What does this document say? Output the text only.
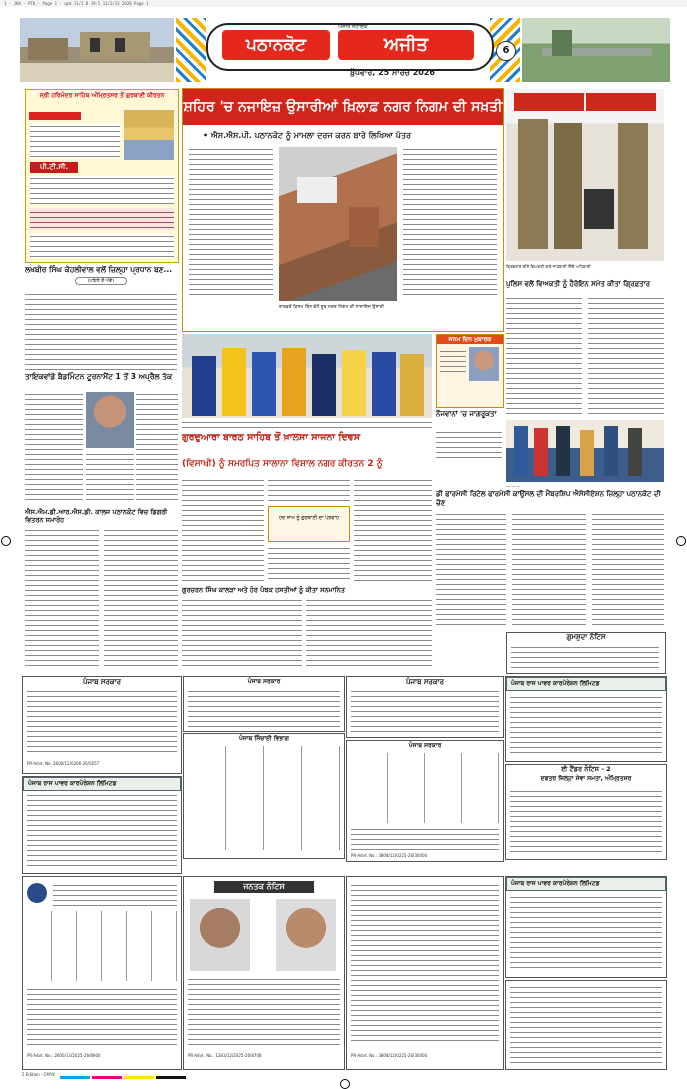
1 - JHA - PTK - Page 1 - qxd 11/2 D 19:5 11/2/13 2026 Page 1
ਪਠਾਨਕੋਟ
ਅਜੀਤ ਸਹਾਇਕ
ਅਜੀਤ
ਬੁੱਧਵਾਰ, 25 ਮਾਰਚ 2026
6
ਸ੍ਰੀ ਹਰਿਮੰਦਰ ਸਾਹਿਬ ਅੰਮ੍ਰਿਤਸਰ ਤੋਂ ਗੁਰਬਾਣੀ ਕੀਰਤਨ
ਪੀ.ਟੀ.ਸੀ.
ਸ਼ਹਿਰ 'ਚ ਨਜਾਇਜ਼ ਉਸਾਰੀਆਂ ਖ਼ਿਲਾਫ਼ ਨਗਰ ਨਿਗਮ ਦੀ ਸਖ਼ਤੀ
• ਐਸ.ਐਸ.ਪੀ. ਪਠਾਨਕੋਟ ਨੂੰ ਮਾਮਲਾ ਦਰਜ ਕਰਨ ਬਾਰੇ ਲਿਖਿਆ ਪੱਤਰ
ਬਾਰਡਰੋਂ ਕਿਸਮ ਬਿੰਨ ਵੱਲੋਂ ਦੂਰ ਨਗਰ ਨਿਗਮ ਦੀ ਨਾਜ਼ਾਇਜ ਉਸਾਰੀ
ਗ੍ਰਿਫਤਾਰ ਕੀਤੇ ਵਿਅਕਤੀ ਬਾਰੇ ਜਾਣਕਾਰੀ ਦਿੰਦੇ ਅਧਿਕਾਰੀ
ਲਖਬੀਰ ਸਿੰਘ ਕੋਹਲੀਵਾਲ ਵਲੋਂ ਜ਼ਿਲ੍ਹਾ ਪ੍ਰਧਾਨ ਬਣ...
(ਪਹਿਲੇ ਤੋਂ ਅੱਗੇ)
ਤਾਇਕਵਾਂਡੋ ਬੈਡਮਿੰਟਨ ਟੂਰਨਾਮੈਂਟ 1 ਤੋਂ 3 ਅਪ੍ਰੈਲ ਤੱਕ
ਐਸ.ਐਮ.ਡੀ.ਆਰ.ਐਸ.ਡੀ. ਕਾਲਜ ਪਠਾਨਕੋਟ ਵਿਚ ਡਿਗਰੀ ਵਿਤਰਨ ਸਮਾਰੋਹ
ਜਨਮ ਦਿਨ ਮੁਬਾਰਕ
ਪੁਲਿਸ ਵਲੋਂ ਵਿਅਕਤੀ ਨੂੰ ਹੈਰੋਇਨ ਸਮੇਤ ਕੀਤਾ ਗ੍ਰਿਫ਼ਤਾਰ
ਨੌਜਵਾਨਾਂ 'ਚ ਜਾਗਰੂਕਤਾ
— — —
ਡੀ ਫਾਰਮੇਸੀ ਰਿਟੇਲ ਫਾਰਮੇਸੀ ਕਾਉਂਸਲ ਦੀ ਮੈਂਬਰਸ਼ਿਪ ਐਸੋਸੀਏਸ਼ਨ ਜ਼ਿਲ੍ਹਾ ਪਠਾਨਕੋਟ ਦੀ ਚੋਣ
ਗੁਰਦੁਆਰਾ ਬਾਰਠ ਸਾਹਿਬ ਤੋਂ ਖ਼ਾਲਸਾ ਸਾਜਨਾ ਦਿਵਸ
(ਵਿਸਾਖੀ) ਨੂੰ ਸਮਰਪਿਤ ਸਾਲਾਨਾ ਵਿਸ਼ਾਲ ਨਗਰ ਕੀਰਤਨ 2 ਨੂੰ
ਹਰ ਸ਼ਾਮ ਨੂੰ ਗੁਰਬਾਣੀ ਦਾ ਪ੍ਰਵਾਹ
ਗੁਰਚਰਨ ਸਿੰਘ ਕਾਲੜਾ ਅਤੇ ਹੋਰ ਪੰਥਕ ਹਸਤੀਆਂ ਨੂੰ ਕੀਤਾ ਸਨਮਾਨਿਤ
ਗੁਮਸ਼ੁਦਾ ਨੋਟਿਸ
ਪੰਜਾਬ ਸਰਕਾਰ
PR-Advt. No. 2600/12/0266-26/5657
ਪੰਜਾਬ ਰਾਜ ਪਾਵਰ ਕਾਰਪੋਰੇਸ਼ਨ ਲਿਮਿਟਡ
ਪੰਜਾਬ ਸਰਕਾਰ
ਪੰਜਾਬ ਸਿੰਚਾਈ ਵਿਭਾਗ
ਪੰਜਾਬ ਸਰਕਾਰ
ਪੰਜਾਬ ਸਰਕਾਰ
PR-Advt. No.: 3808/12/0225-26/30000
ਪੰਜਾਬ ਰਾਜ ਪਾਵਰ ਕਾਰਪੋਰੇਸ਼ਨ ਲਿਮਿਟਡ
ਈ ਟੈਂਡਰ ਨੋਟਿਸ - 2
ਦਫਤਰ ਜ਼ਿਲ੍ਹਾ ਸੇਵਾ ਸਮਤਾ, ਅੰਮ੍ਰਿਤਸਰ
PR-Advt. No.: 2600/13/2025-26/8900
ਜਨਤਕ ਨੋਟਿਸ
PR-Advt. No.: 1283/12/2025-26/8708	PR-Advt. No.: 3808/12/0225-26/30000
ਪੰਜਾਬ ਰਾਜ ਪਾਵਰ ਕਾਰਪੋਰੇਸ਼ਨ ਲਿਮਿਟਡ
5 Edition - CMYK
